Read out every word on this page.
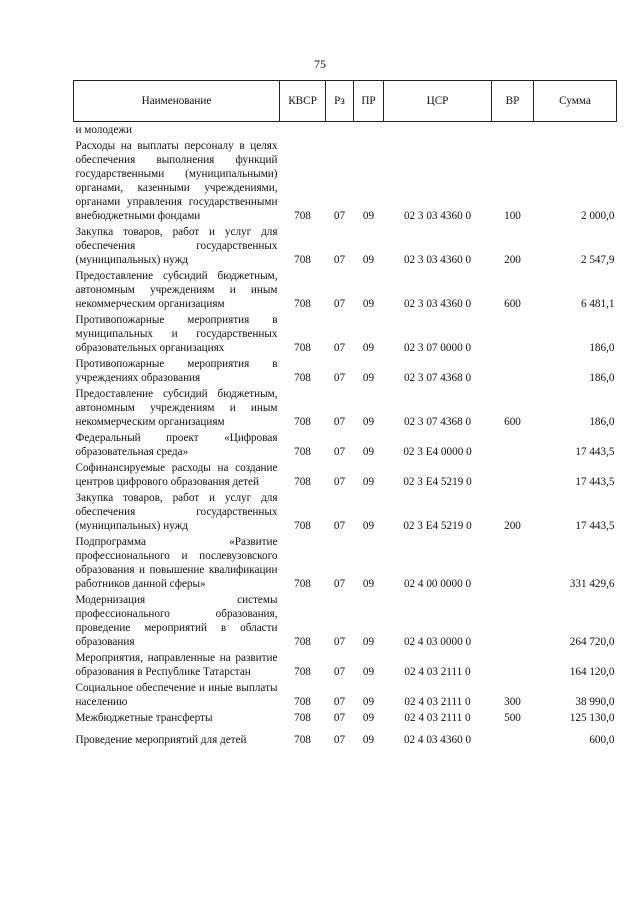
75
Наименование	КВСР	Рз	ПР	ЦСР	ВР	Сумма
и молодежи						
Расходы на выплаты персоналу в целях обеспечения выполнения функций государственными (муниципальными) органами, казенными учреждениями, органами управления государственными внебюджетными фондами	708	07	09	02 3 03 4360 0	100	2 000,0
Закупка товаров, работ и услуг для обеспечения государственных (муниципальных) нужд	708	07	09	02 3 03 4360 0	200	2 547,9
Предоставление субсидий бюджетным, автономным учреждениям и иным некоммерческим организациям	708	07	09	02 3 03 4360 0	600	6 481,1
Противопожарные мероприятия в муниципальных и государственных образовательных организациях	708	07	09	02 3 07 0000 0		186,0
Противопожарные мероприятия в учреждениях образования	708	07	09	02 3 07 4368 0		186,0
Предоставление субсидий бюджетным, автономным учреждениям и иным некоммерческим организациям	708	07	09	02 3 07 4368 0	600	186,0
Федеральный проект «Цифровая образовательная среда»	708	07	09	02 3 E4 0000 0		17 443,5
Софинансируемые расходы на создание центров цифрового образования детей	708	07	09	02 3 E4 5219 0		17 443,5
Закупка товаров, работ и услуг для обеспечения государственных (муниципальных) нужд	708	07	09	02 3 E4 5219 0	200	17 443,5
Подпрограмма «Развитие профессионального и послевузовского образования и повышение квалификации работников данной сферы»	708	07	09	02 4 00 0000 0		331 429,6
Модернизация системы профессионального образования, проведение мероприятий в области образования	708	07	09	02 4 03 0000 0		264 720,0
Мероприятия, направленные на развитие образования в Республике Татарстан	708	07	09	02 4 03 2111 0		164 120,0
Социальное обеспечение и иные выплаты населению	708	07	09	02 4 03 2111 0	300	38 990,0
Межбюджетные трансферты	708	07	09	02 4 03 2111 0	500	125 130,0
Проведение мероприятий для детей	708	07	09	02 4 03 4360 0		600,0
